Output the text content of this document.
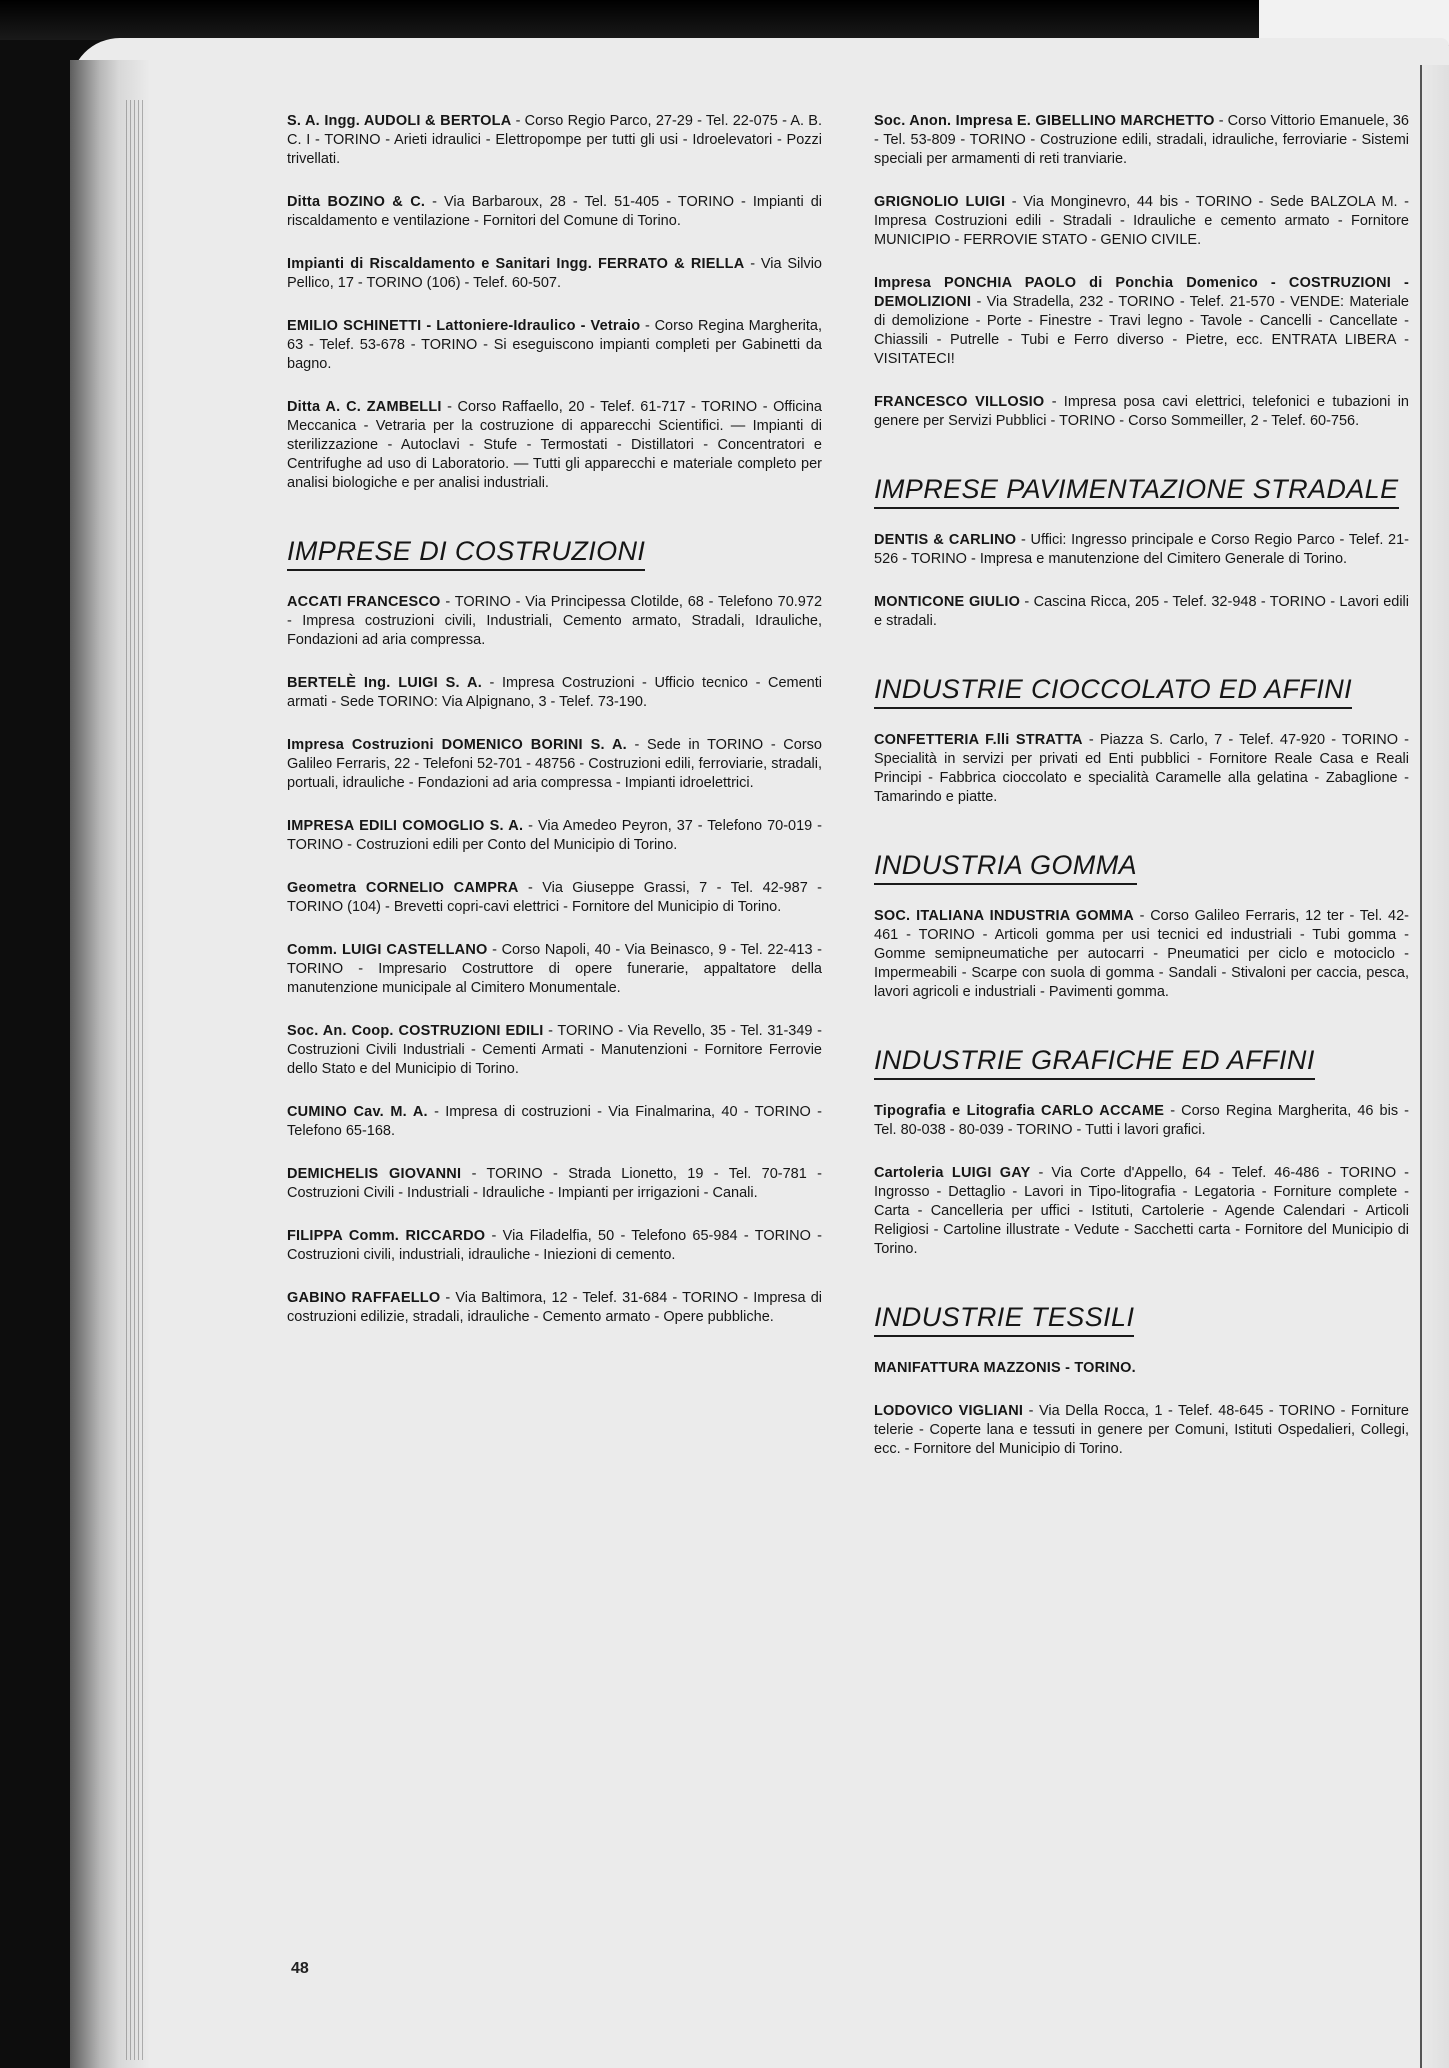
S. A. Ingg. AUDOLI & BERTOLA - Corso Regio Parco, 27-29 - Tel. 22-075 - A. B. C. I - TORINO - Arieti idraulici - Elettropompe per tutti gli usi - Idroelevatori - Pozzi trivellati.

Ditta BOZINO & C. - Via Barbaroux, 28 - Tel. 51-405 - TORINO - Impianti di riscaldamento e ventilazione - Fornitori del Comune di Torino.

Impianti di Riscaldamento e Sanitari Ingg. FERRATO & RIELLA - Via Silvio Pellico, 17 - TORINO (106) - Telef. 60-507.

EMILIO SCHINETTI - Lattoniere-Idraulico - Vetraio - Corso Regina Margherita, 63 - Telef. 53-678 - TORINO - Si eseguiscono impianti completi per Gabinetti da bagno.

Ditta A. C. ZAMBELLI - Corso Raffaello, 20 - Telef. 61-717 - TORINO - Officina Meccanica - Vetraria per la costruzione di apparecchi Scientifici. — Impianti di sterilizzazione - Autoclavi - Stufe - Termostati - Distillatori - Concentratori e Centrifughe ad uso di Laboratorio. — Tutti gli apparecchi e materiale completo per analisi biologiche e per analisi industriali.

IMPRESE DI COSTRUZIONI

ACCATI FRANCESCO - TORINO - Via Principessa Clotilde, 68 - Telefono 70.972 - Impresa costruzioni civili, Industriali, Cemento armato, Stradali, Idrauliche, Fondazioni ad aria compressa.

BERTELÈ Ing. LUIGI S. A. - Impresa Costruzioni - Ufficio tecnico - Cementi armati - Sede TORINO: Via Alpignano, 3 - Telef. 73-190.

Impresa Costruzioni DOMENICO BORINI S. A. - Sede in TORINO - Corso Galileo Ferraris, 22 - Telefoni 52-701 - 48756 - Costruzioni edili, ferroviarie, stradali, portuali, idrauliche - Fondazioni ad aria compressa - Impianti idroelettrici.

IMPRESA EDILI COMOGLIO S. A. - Via Amedeo Peyron, 37 - Telefono 70-019 - TORINO - Costruzioni edili per Conto del Municipio di Torino.

Geometra CORNELIO CAMPRA - Via Giuseppe Grassi, 7 - Tel. 42-987 - TORINO (104) - Brevetti copri-cavi elettrici - Fornitore del Municipio di Torino.

Comm. LUIGI CASTELLANO - Corso Napoli, 40 - Via Beinasco, 9 - Tel. 22-413 - TORINO - Impresario Costruttore di opere funerarie, appaltatore della manutenzione municipale al Cimitero Monumentale.

Soc. An. Coop. COSTRUZIONI EDILI - TORINO - Via Revello, 35 - Tel. 31-349 - Costruzioni Civili Industriali - Cementi Armati - Manutenzioni - Fornitore Ferrovie dello Stato e del Municipio di Torino.

CUMINO Cav. M. A. - Impresa di costruzioni - Via Finalmarina, 40 - TORINO - Telefono 65-168.

DEMICHELIS GIOVANNI - TORINO - Strada Lionetto, 19 - Tel. 70-781 - Costruzioni Civili - Industriali - Idrauliche - Impianti per irrigazioni - Canali.

FILIPPA Comm. RICCARDO - Via Filadelfia, 50 - Telefono 65-984 - TORINO - Costruzioni civili, industriali, idrauliche - Iniezioni di cemento.

GABINO RAFFAELLO - Via Baltimora, 12 - Telef. 31-684 - TORINO - Impresa di costruzioni edilizie, stradali, idrauliche - Cemento armato - Opere pubbliche.

Soc. Anon. Impresa E. GIBELLINO MARCHETTO - Corso Vittorio Emanuele, 36 - Tel. 53-809 - TORINO - Costruzione edili, stradali, idrauliche, ferroviarie - Sistemi speciali per armamenti di reti tranviarie.

GRIGNOLIO LUIGI - Via Monginevro, 44 bis - TORINO - Sede BALZOLA M. - Impresa Costruzioni edili - Stradali - Idrauliche e cemento armato - Fornitore MUNICIPIO - FERROVIE STATO - GENIO CIVILE.

Impresa PONCHIA PAOLO di Ponchia Domenico - COSTRUZIONI - DEMOLIZIONI - Via Stradella, 232 - TORINO - Telef. 21-570 - VENDE: Materiale di demolizione - Porte - Finestre - Travi legno - Tavole - Cancelli - Cancellate - Chiassili - Putrelle - Tubi e Ferro diverso - Pietre, ecc. ENTRATA LIBERA - VISITATECI!

FRANCESCO VILLOSIO - Impresa posa cavi elettrici, telefonici e tubazioni in genere per Servizi Pubblici - TORINO - Corso Sommeiller, 2 - Telef. 60-756.

IMPRESE PAVIMENTAZIONE STRADALE

DENTIS & CARLINO - Uffici: Ingresso principale e Corso Regio Parco - Telef. 21-526 - TORINO - Impresa e manutenzione del Cimitero Generale di Torino.

MONTICONE GIULIO - Cascina Ricca, 205 - Telef. 32-948 - TORINO - Lavori edili e stradali.

INDUSTRIE CIOCCOLATO ED AFFINI

CONFETTERIA F.lli STRATTA - Piazza S. Carlo, 7 - Telef. 47-920 - TORINO - Specialità in servizi per privati ed Enti pubblici - Fornitore Reale Casa e Reali Principi - Fabbrica cioccolato e specialità Caramelle alla gelatina - Zabaglione - Tamarindo e piatte.

INDUSTRIA GOMMA

SOC. ITALIANA INDUSTRIA GOMMA - Corso Galileo Ferraris, 12 ter - Tel. 42-461 - TORINO - Articoli gomma per usi tecnici ed industriali - Tubi gomma - Gomme semipneumatiche per autocarri - Pneumatici per ciclo e motociclo - Impermeabili - Scarpe con suola di gomma - Sandali - Stivaloni per caccia, pesca, lavori agricoli e industriali - Pavimenti gomma.

INDUSTRIE GRAFICHE ED AFFINI

Tipografia e Litografia CARLO ACCAME - Corso Regina Margherita, 46 bis - Tel. 80-038 - 80-039 - TORINO - Tutti i lavori grafici.

Cartoleria LUIGI GAY - Via Corte d'Appello, 64 - Telef. 46-486 - TORINO - Ingrosso - Dettaglio - Lavori in Tipo-litografia - Legatoria - Forniture complete - Carta - Cancelleria per uffici - Istituti, Cartolerie - Agende Calendari - Articoli Religiosi - Cartoline illustrate - Vedute - Sacchetti carta - Fornitore del Municipio di Torino.

INDUSTRIE TESSILI

MANIFATTURA MAZZONIS - TORINO.

LODOVICO VIGLIANI - Via Della Rocca, 1 - Telef. 48-645 - TORINO - Forniture telerie - Coperte lana e tessuti in genere per Comuni, Istituti Ospedalieri, Collegi, ecc. - Fornitore del Municipio di Torino.

48
